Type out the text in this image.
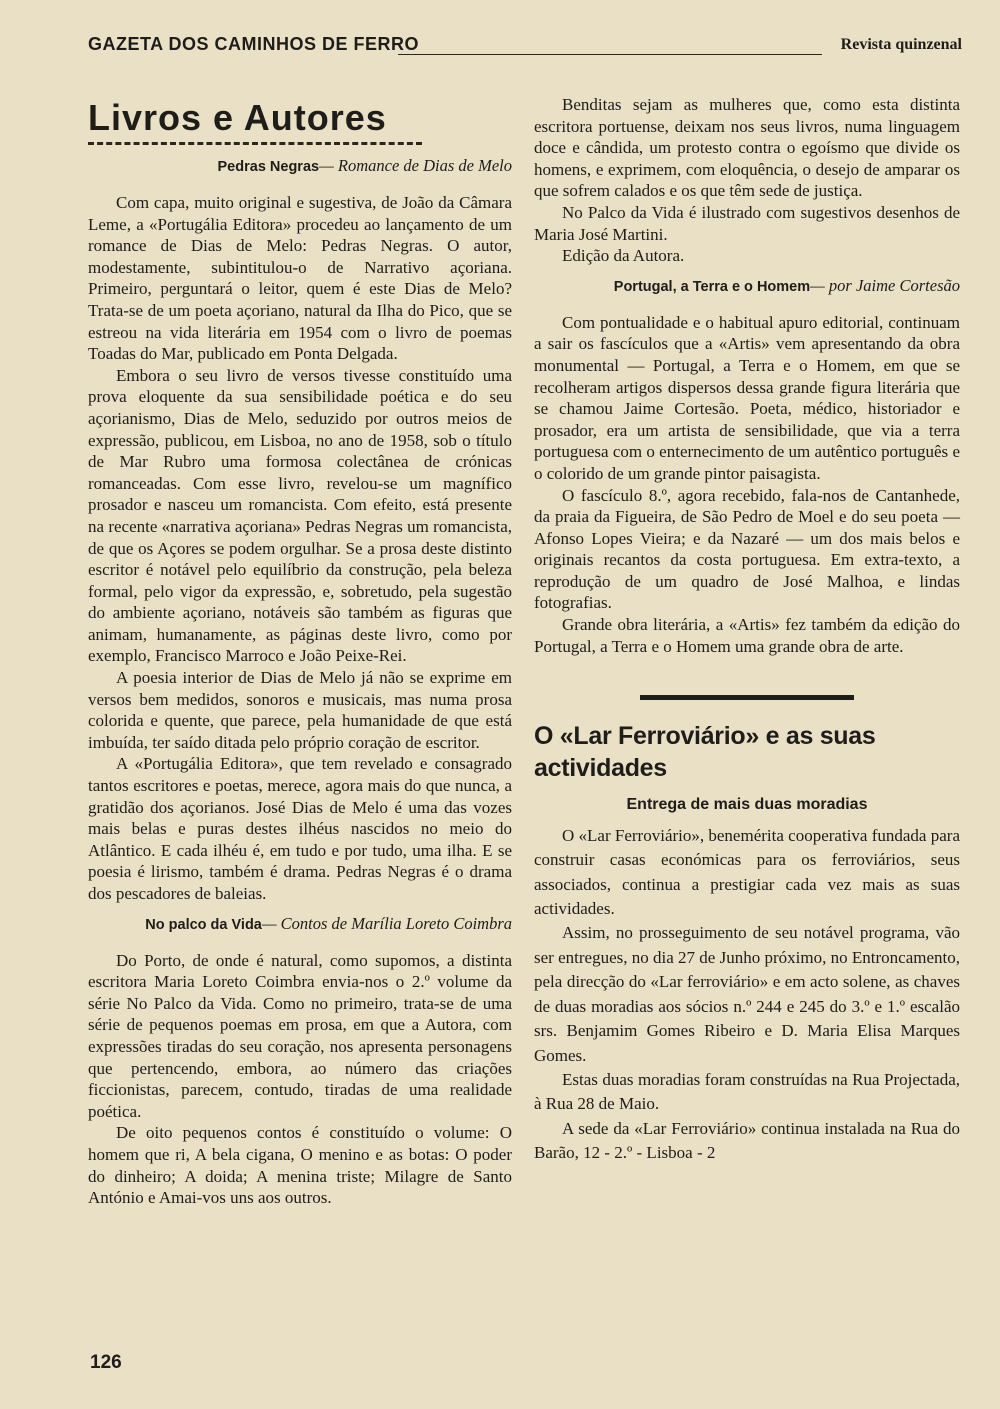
GAZETA DOS CAMINHOS DE FERRO	Revista quinzenal
Livros e Autores
Pedras Negras— Romance de Dias de Melo

Com capa, muito original e sugestiva, de João da Câmara Leme, a «Portugália Editora» procedeu ao lançamento de um romance de Dias de Melo: Pedras Negras. O autor, modestamente, subintitulou-o de Narrativo açoriana. Primeiro, perguntará o leitor, quem é este Dias de Melo? Trata-se de um poeta açoriano, natural da Ilha do Pico, que se estreou na vida literária em 1954 com o livro de poemas Toadas do Mar, publicado em Ponta Delgada.

Embora o seu livro de versos tivesse constituído uma prova eloquente da sua sensibilidade poética e do seu açorianismo, Dias de Melo, seduzido por outros meios de expressão, publicou, em Lisboa, no ano de 1958, sob o título de Mar Rubro uma formosa colectânea de crónicas romanceadas. Com esse livro, revelou-se um magnífico prosador e nasceu um romancista. Com efeito, está presente na recente «narrativa açoriana» Pedras Negras um romancista, de que os Açores se podem orgulhar. Se a prosa deste distinto escritor é notável pelo equilíbrio da construção, pela beleza formal, pelo vigor da expressão, e, sobretudo, pela sugestão do ambiente açoriano, notáveis são também as figuras que animam, humanamente, as páginas deste livro, como por exemplo, Francisco Marroco e João Peixe-Rei.

A poesia interior de Dias de Melo já não se exprime em versos bem medidos, sonoros e musicais, mas numa prosa colorida e quente, que parece, pela humanidade de que está imbuída, ter saído ditada pelo próprio coração de escritor.

A «Portugália Editora», que tem revelado e consagrado tantos escritores e poetas, merece, agora mais do que nunca, a gratidão dos açorianos. José Dias de Melo é uma das vozes mais belas e puras destes ilhéus nascidos no meio do Atlântico. E cada ilhéu é, em tudo e por tudo, uma ilha. E se poesia é lirismo, também é drama. Pedras Negras é o drama dos pescadores de baleias.

No palco da Vida— Contos de Marília Loreto Coimbra

Do Porto, de onde é natural, como supomos, a distinta escritora Maria Loreto Coimbra envia-nos o 2.º volume da série No Palco da Vida. Como no primeiro, trata-se de uma série de pequenos poemas em prosa, em que a Autora, com expressões tiradas do seu coração, nos apresenta personagens que pertencendo, embora, ao número das criações ficcionistas, parecem, contudo, tiradas de uma realidade poética.

De oito pequenos contos é constituído o volume: O homem que ri, A bela cigana, O menino e as botas: O poder do dinheiro; A doida; A menina triste; Milagre de Santo António e Amai-vos uns aos outros.

Benditas sejam as mulheres que, como esta distinta escritora portuense, deixam nos seus livros, numa linguagem doce e cândida, um protesto contra o egoísmo que divide os homens, e exprimem, com eloquência, o desejo de amparar os que sofrem calados e os que têm sede de justiça.

No Palco da Vida é ilustrado com sugestivos desenhos de Maria José Martini.

Edição da Autora.

Portugal, a Terra e o Homem— por Jaime Cortesão

Com pontualidade e o habitual apuro editorial, continuam a sair os fascículos que a «Artis» vem apresentando da obra monumental — Portugal, a Terra e o Homem, em que se recolheram artigos dispersos dessa grande figura literária que se chamou Jaime Cortesão. Poeta, médico, historiador e prosador, era um artista de sensibilidade, que via a terra portuguesa com o enternecimento de um autêntico português e o colorido de um grande pintor paisagista.

O fascículo 8.º, agora recebido, fala-nos de Cantanhede, da praia da Figueira, de São Pedro de Moel e do seu poeta — Afonso Lopes Vieira; e da Nazaré — um dos mais belos e originais recantos da costa portuguesa. Em extra-texto, a reprodução de um quadro de José Malhoa, e lindas fotografias.

Grande obra literária, a «Artis» fez também da edição do Portugal, a Terra e o Homem uma grande obra de arte.

O «Lar Ferroviário» e as suas actividades
Entrega de mais duas moradias

O «Lar Ferroviário», benemérita cooperativa fundada para construir casas económicas para os ferroviários, seus associados, continua a prestigiar cada vez mais as suas actividades.

Assim, no prosseguimento de seu notável programa, vão ser entregues, no dia 27 de Junho próximo, no Entroncamento, pela direcção do «Lar ferroviário» e em acto solene, as chaves de duas moradias aos sócios n.º 244 e 245 do 3.º e 1.º escalão srs. Benjamim Gomes Ribeiro e D. Maria Elisa Marques Gomes.

Estas duas moradias foram construídas na Rua Projectada, à Rua 28 de Maio.

A sede da «Lar Ferroviário» continua instalada na Rua do Barão, 12 - 2.º - Lisboa - 2

126
